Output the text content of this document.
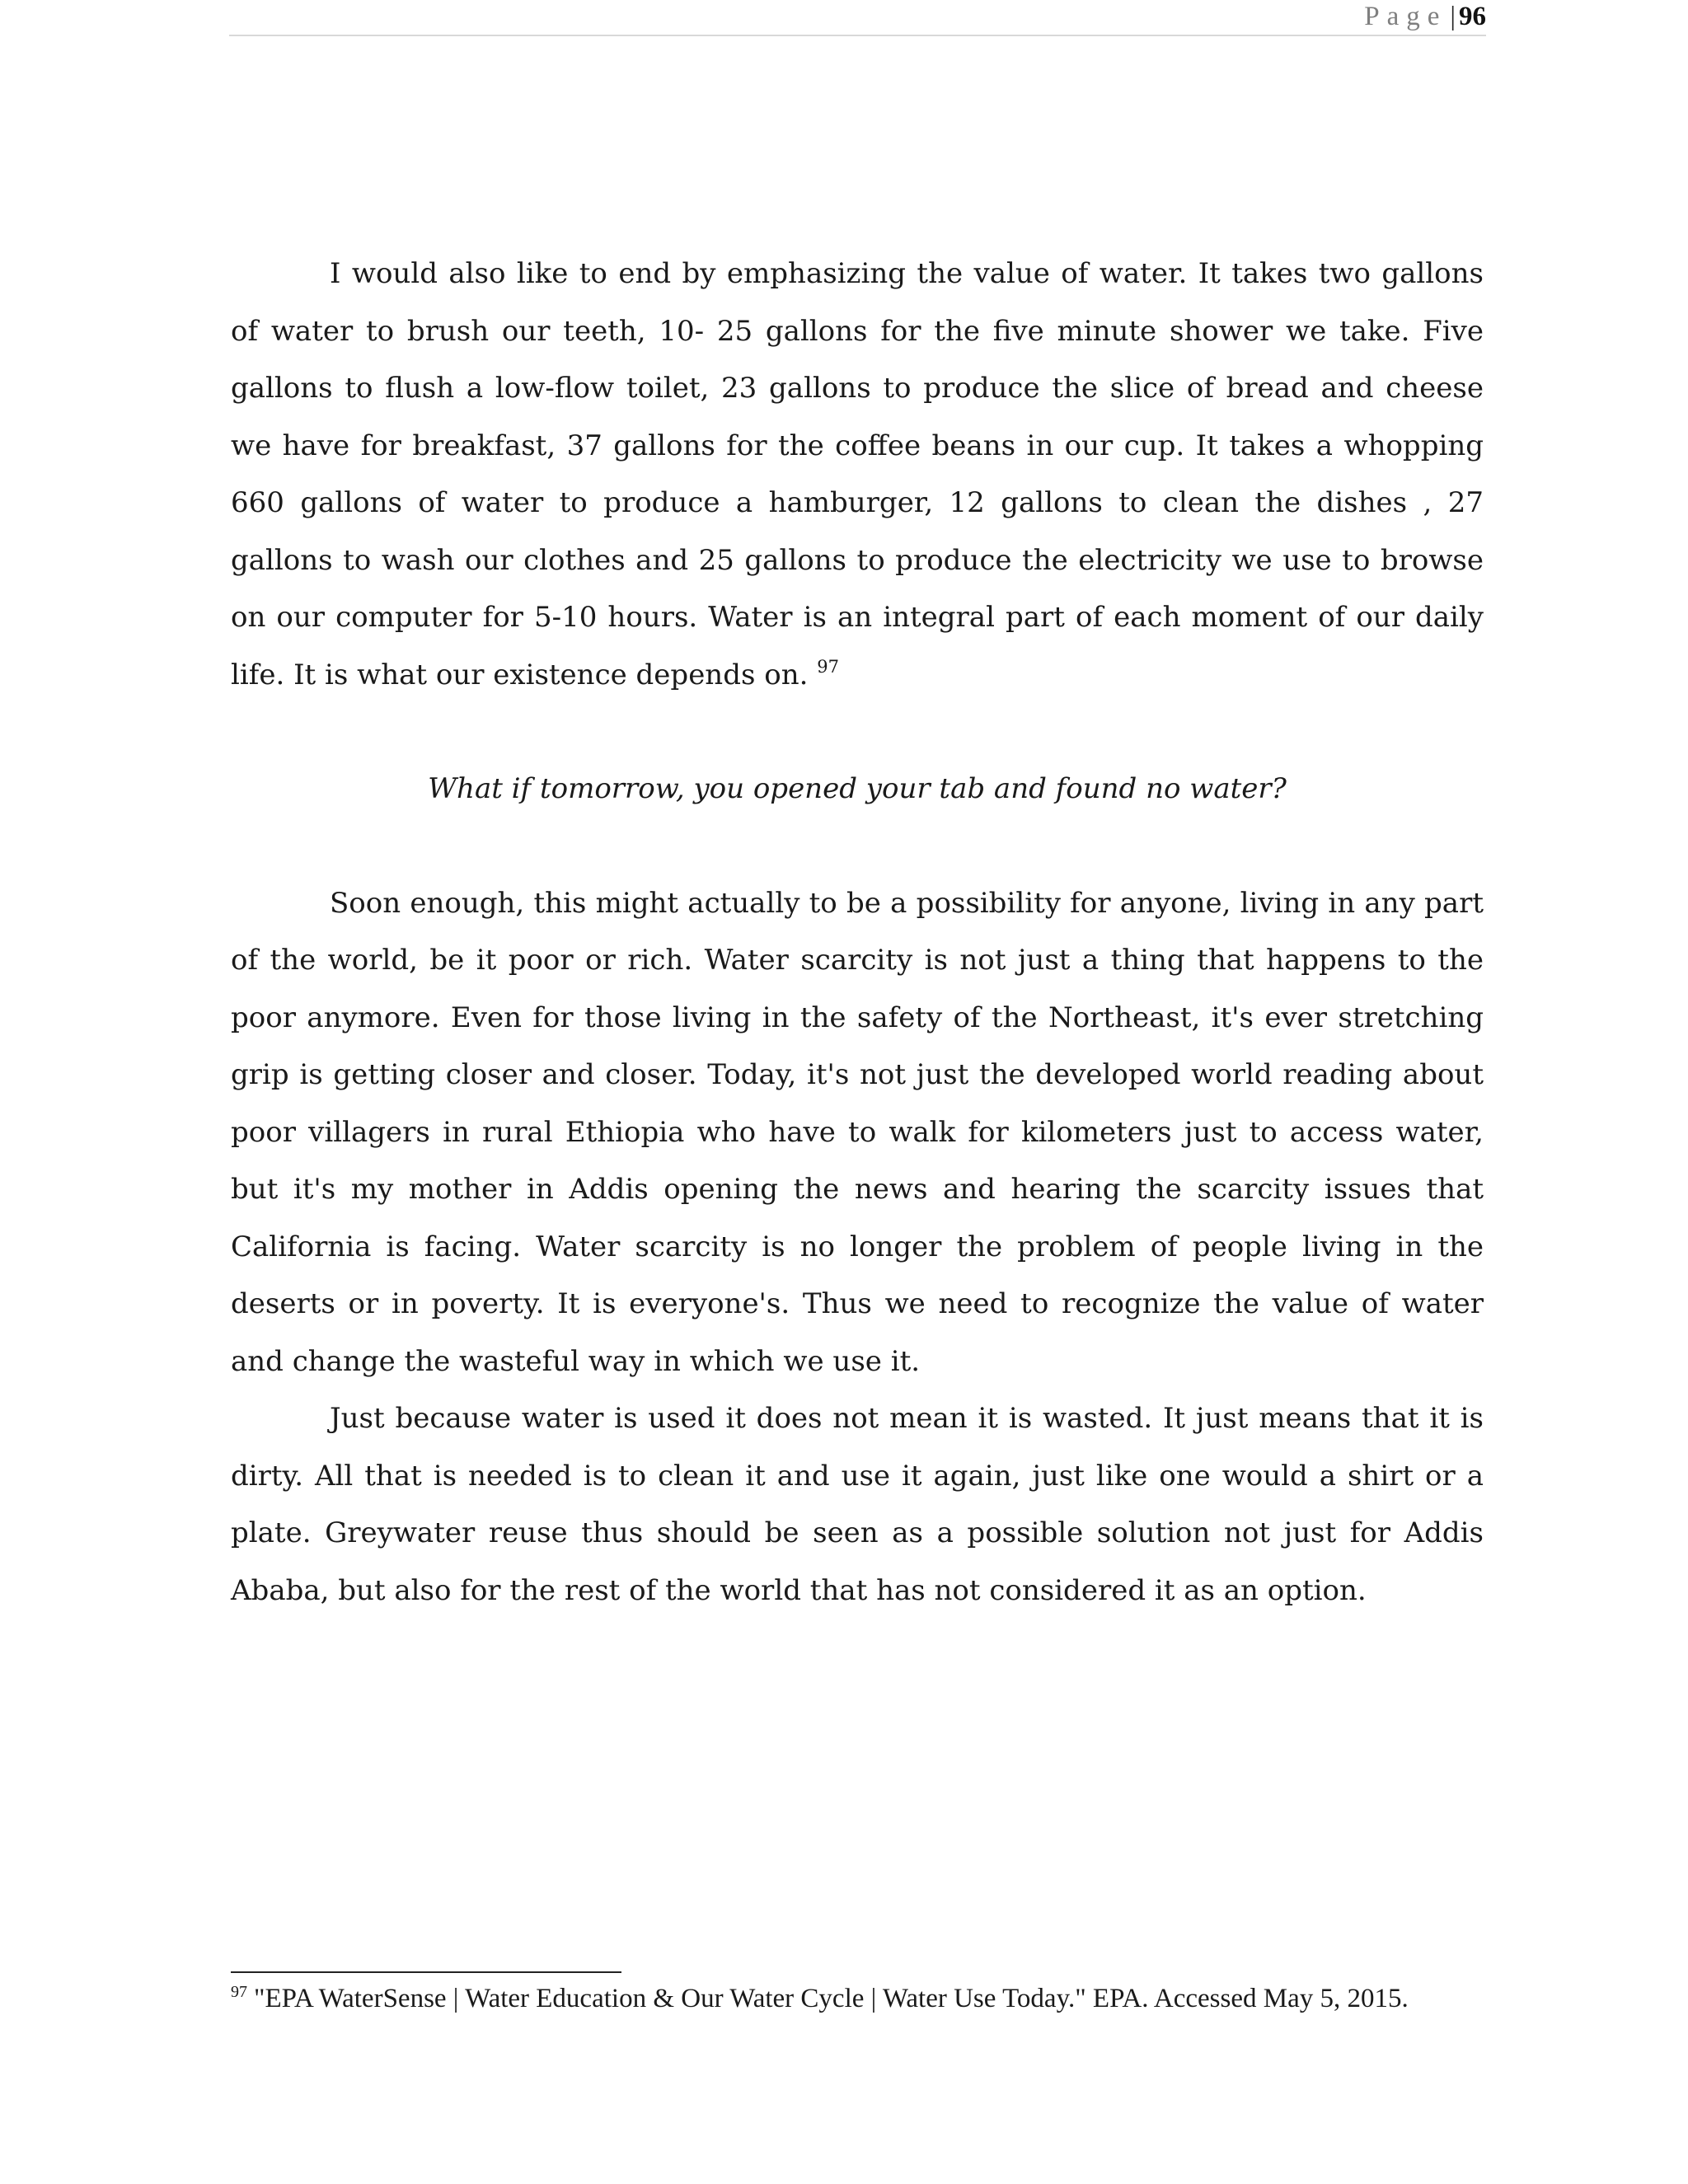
Page | 96

I would also like to end by emphasizing the value of water. It takes two gallons of water to brush our teeth, 10- 25 gallons for the five minute shower we take. Five gallons to flush a low-flow toilet, 23 gallons to produce the slice of bread and cheese we have for breakfast, 37 gallons for the coffee beans in our cup. It takes a whopping 660 gallons of water to produce a hamburger, 12 gallons to clean the dishes , 27 gallons to wash our clothes and 25 gallons to produce the electricity we use to browse on our computer for 5-10 hours. Water is an integral part of each moment of our daily life. It is what our existence depends on. $^{97}$

What if tomorrow, you opened your tab and found no water?

Soon enough, this might actually to be a possibility for anyone, living in any part of the world, be it poor or rich. Water scarcity is not just a thing that happens to the poor anymore. Even for those living in the safety of the Northeast, it's ever stretching grip is getting closer and closer. Today, it's not just the developed world reading about poor villagers in rural Ethiopia who have to walk for kilometers just to access water, but it's my mother in Addis opening the news and hearing the scarcity issues that California is facing. Water scarcity is no longer the problem of people living in the deserts or in poverty. It is everyone's. Thus we need to recognize the value of water and change the wasteful way in which we use it.

Just because water is used it does not mean it is wasted. It just means that it is dirty. All that is needed is to clean it and use it again, just like one would a shirt or a plate. Greywater reuse thus should be seen as a possible solution not just for Addis Ababa, but also for the rest of the world that has not considered it as an option.

$^{97}$ "EPA WaterSense | Water Education & Our Water Cycle | Water Use Today." EPA. Accessed May 5, 2015.
